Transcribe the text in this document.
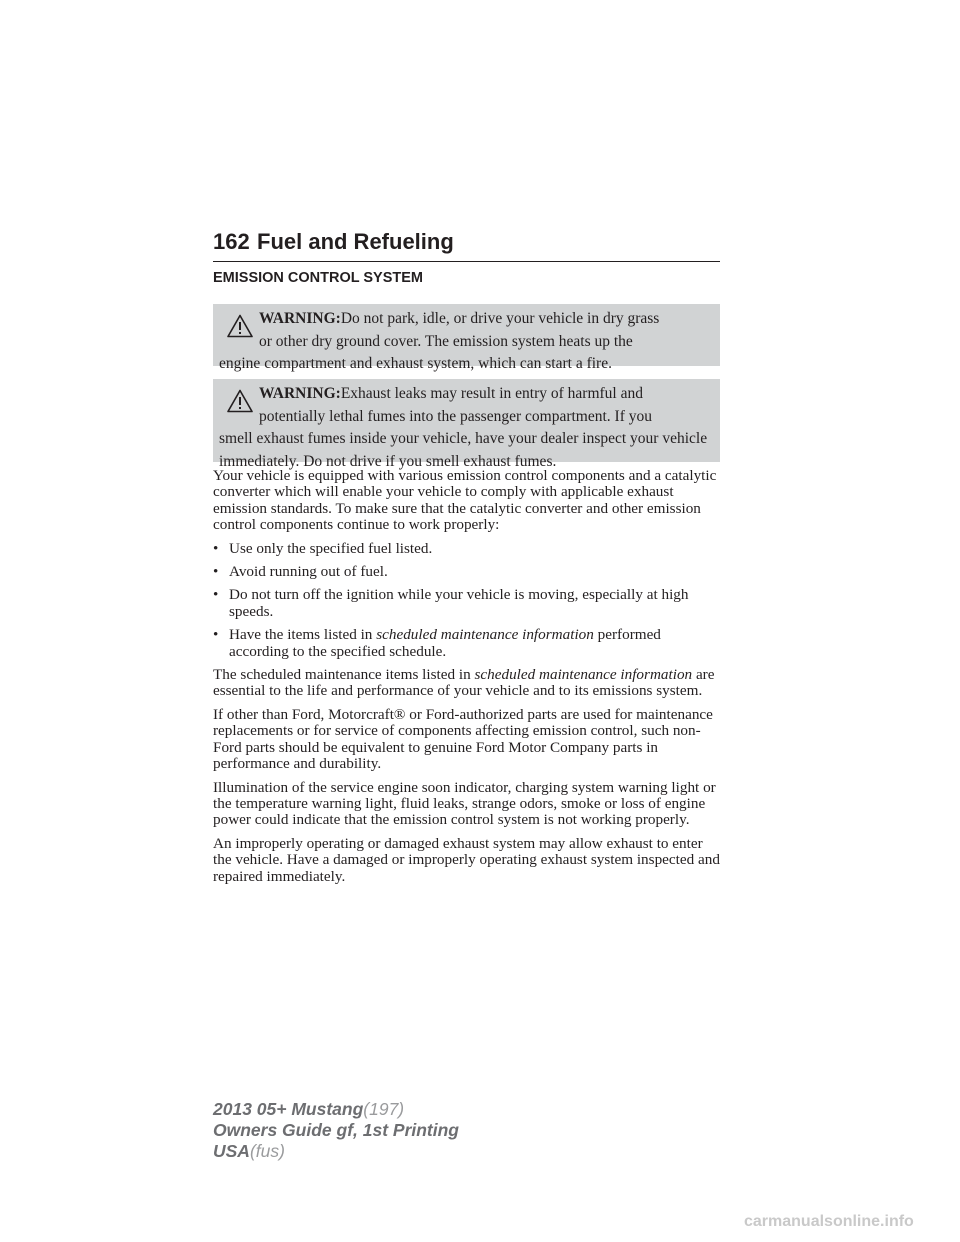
162 Fuel and Refueling
EMISSION CONTROL SYSTEM
WARNING:Do not park, idle, or drive your vehicle in dry grass
or other dry ground cover. The emission system heats up the
engine compartment and exhaust system, which can start a fire.
WARNING:Exhaust leaks may result in entry of harmful and
potentially lethal fumes into the passenger compartment. If you
smell exhaust fumes inside your vehicle, have your dealer inspect your vehicle immediately. Do not drive if you smell exhaust fumes.

Your vehicle is equipped with various emission control components and a catalytic converter which will enable your vehicle to comply with applicable exhaust emission standards. To make sure that the catalytic converter and other emission control components continue to work properly:

• Use only the specified fuel listed.
• Avoid running out of fuel.
• Do not turn off the ignition while your vehicle is moving, especially at high speeds.
• Have the items listed in scheduled maintenance information performed according to the specified schedule.

The scheduled maintenance items listed in scheduled maintenance information are essential to the life and performance of your vehicle and to its emissions system.

If other than Ford, Motorcraft® or Ford-authorized parts are used for maintenance replacements or for service of components affecting emission control, such non-Ford parts should be equivalent to genuine Ford Motor Company parts in performance and durability.

Illumination of the service engine soon indicator, charging system warning light or the temperature warning light, fluid leaks, strange odors, smoke or loss of engine power could indicate that the emission control system is not working properly.

An improperly operating or damaged exhaust system may allow exhaust to enter the vehicle. Have a damaged or improperly operating exhaust system inspected and repaired immediately.

2013 05+ Mustang(197)
Owners Guide gf, 1st Printing
USA(fus)
carmanualsonline.info
